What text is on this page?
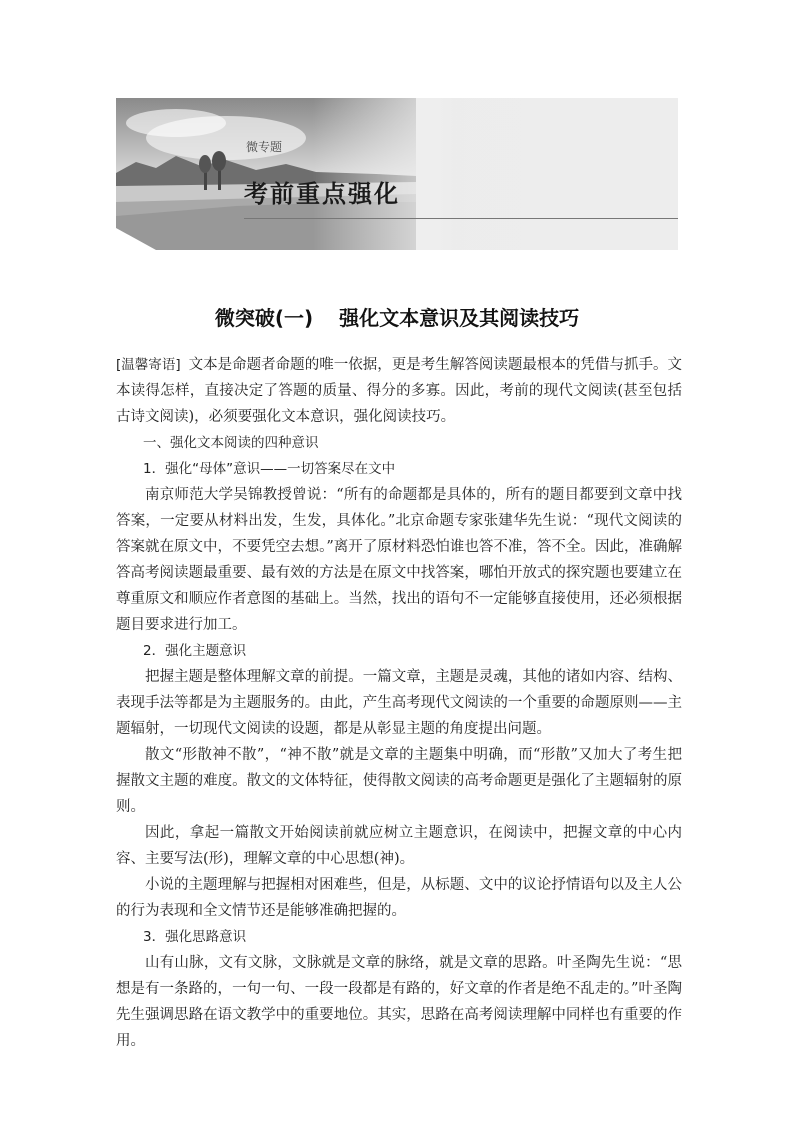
微专题
考前重点强化
微突破(一) 强化文本意识及其阅读技巧

[温馨寄语] 文本是命题者命题的唯一依据，更是考生解答阅读题最根本的凭借与抓手。文本读得怎样，直接决定了答题的质量、得分的多寡。因此，考前的现代文阅读(甚至包括古诗文阅读)，必须要强化文本意识，强化阅读技巧。

一、强化文本阅读的四种意识

1．强化“母体”意识——一切答案尽在文中

南京师范大学吴锦教授曾说：“所有的命题都是具体的，所有的题目都要到文章中找答案，一定要从材料出发，生发，具体化。”北京命题专家张建华先生说：“现代文阅读的答案就在原文中，不要凭空去想。”离开了原材料恐怕谁也答不准，答不全。因此，准确解答高考阅读题最重要、最有效的方法是在原文中找答案，哪怕开放式的探究题也要建立在尊重原文和顺应作者意图的基础上。当然，找出的语句不一定能够直接使用，还必须根据题目要求进行加工。

2．强化主题意识

把握主题是整体理解文章的前提。一篇文章，主题是灵魂，其他的诸如内容、结构、表现手法等都是为主题服务的。由此，产生高考现代文阅读的一个重要的命题原则——主题辐射，一切现代文阅读的设题，都是从彰显主题的角度提出问题。

散文“形散神不散”，“神不散”就是文章的主题集中明确，而“形散”又加大了考生把握散文主题的难度。散文的文体特征，使得散文阅读的高考命题更是强化了主题辐射的原则。

因此，拿起一篇散文开始阅读前就应树立主题意识，在阅读中，把握文章的中心内容、主要写法(形)，理解文章的中心思想(神)。

小说的主题理解与把握相对困难些，但是，从标题、文中的议论抒情语句以及主人公的行为表现和全文情节还是能够准确把握的。

3．强化思路意识

山有山脉，文有文脉，文脉就是文章的脉络，就是文章的思路。叶圣陶先生说：“思想是有一条路的，一句一句、一段一段都是有路的，好文章的作者是绝不乱走的。”叶圣陶先生强调思路在语文教学中的重要地位。其实，思路在高考阅读理解中同样也有重要的作用。
